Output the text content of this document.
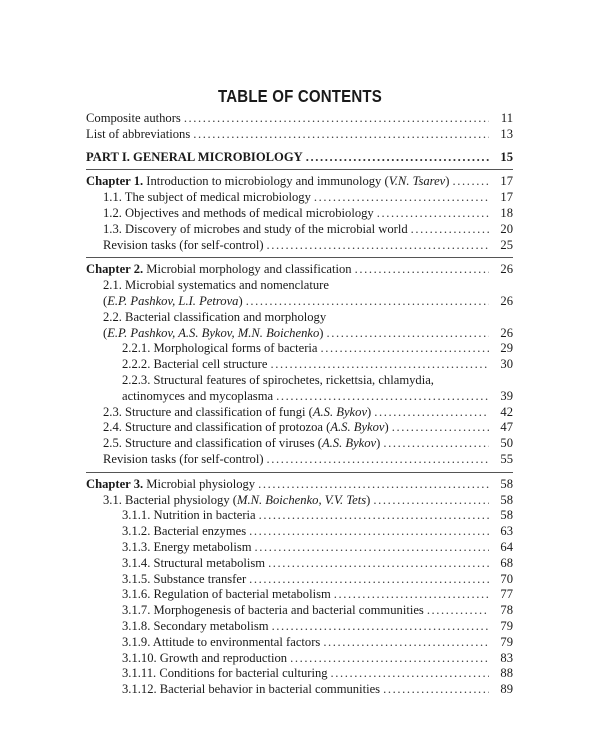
TABLE OF CONTENTS
Composite authors .....	11
List of abbreviations .....	13
PART I. GENERAL MICROBIOLOGY .....	15
Chapter 1. Introduction to microbiology and immunology (V.N. Tsarev) .....	17
1.1. The subject of medical microbiology .....	17
1.2. Objectives and methods of medical microbiology .....	18
1.3. Discovery of microbes and study of the microbial world .....	20
Revision tasks (for self-control) .....	25
Chapter 2. Microbial morphology and classification .....	26
2.1. Microbial systematics and nomenclature
(E.P. Pashkov, L.I. Petrova) .....	26
2.2. Bacterial classification and morphology
(E.P. Pashkov, A.S. Bykov, M.N. Boichenko) .....	26
2.2.1. Morphological forms of bacteria .....	29
2.2.2. Bacterial cell structure .....	30
2.2.3. Structural features of spirochetes, rickettsia, chlamydia,
actinomyces and mycoplasma .....	39
2.3. Structure and classification of fungi (A.S. Bykov) .....	42
2.4. Structure and classification of protozoa (A.S. Bykov) .....	47
2.5. Structure and classification of viruses (A.S. Bykov) .....	50
Revision tasks (for self-control) .....	55
Chapter 3. Microbial physiology .....	58
3.1. Bacterial physiology (M.N. Boichenko, V.V. Tets) .....	58
3.1.1. Nutrition in bacteria .....	58
3.1.2. Bacterial enzymes .....	63
3.1.3. Energy metabolism .....	64
3.1.4. Structural metabolism .....	68
3.1.5. Substance transfer .....	70
3.1.6. Regulation of bacterial metabolism .....	77
3.1.7. Morphogenesis of bacteria and bacterial communities .....	78
3.1.8. Secondary metabolism .....	79
3.1.9. Attitude to environmental factors .....	79
3.1.10. Growth and reproduction .....	83
3.1.11. Conditions for bacterial culturing .....	88
3.1.12. Bacterial behavior in bacterial communities .....	89
